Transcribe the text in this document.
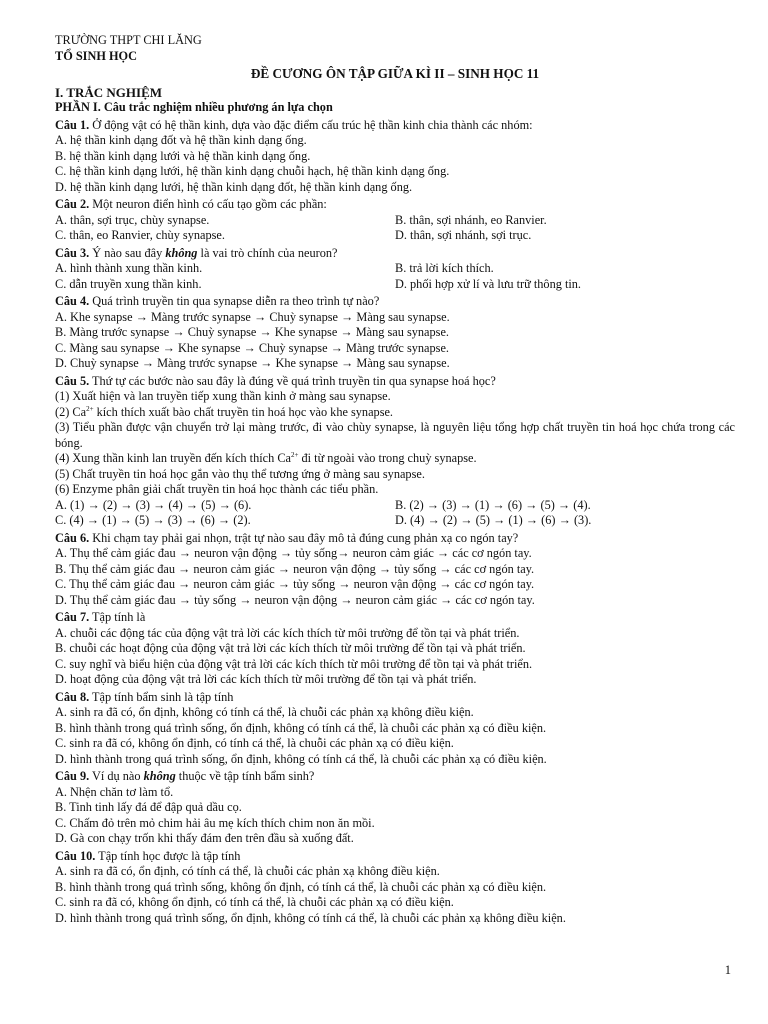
TRƯỜNG THPT CHI LĂNG
TỔ SINH HỌC
ĐỀ CƯƠNG ÔN TẬP GIỮA KÌ II – SINH HỌC 11
I. TRẮC NGHIỆM
PHẦN I. Câu trắc nghiệm nhiều phương án lựa chọn
Câu 1. Ở động vật có hệ thần kinh, dựa vào đặc điểm cấu trúc hệ thần kinh chia thành các nhóm:
A. hệ thần kinh dạng đốt và hệ thần kinh dạng ống.
B. hệ thần kinh dạng lưới và hệ thần kinh dạng ống.
C. hệ thần kinh dạng lưới, hệ thần kinh dạng chuỗi hạch, hệ thần kinh dạng ống.
D. hệ thần kinh dạng lưới, hệ thần kinh dạng đốt, hệ thần kinh dạng ống.
Câu 2. Một neuron điển hình có cấu tạo gồm các phần:
A. thân, sợi trục, chùy synapse.	B. thân, sợi nhánh, eo Ranvier.
C. thân, eo Ranvier, chùy synapse.	D. thân, sợi nhánh, sợi trục.
Câu 3. Ý nào sau đây không là vai trò chính của neuron?
A. hình thành xung thần kinh.	B. trả lời kích thích.
C. dẫn truyền xung thần kinh.	D. phối hợp xử lí và lưu trữ thông tin.
Câu 4. Quá trình truyền tin qua synapse diễn ra theo trình tự nào?
A. Khe synapse → Màng trước synapse → Chuỳ synapse → Màng sau synapse.
B. Màng trước synapse → Chuỳ synapse → Khe synapse → Màng sau synapse.
C. Màng sau synapse → Khe synapse → Chuỳ synapse → Màng trước synapse.
D. Chuỳ synapse → Màng trước synapse → Khe synapse → Màng sau synapse.
Câu 5. Thứ tự các bước nào sau đây là đúng về quá trình truyền tin qua synapse hoá học?
(1) Xuất hiện và lan truyền tiếp xung thần kinh ở màng sau synapse.
(2) $Ca^{2+}$ kích thích xuất bào chất truyền tin hoá học vào khe synapse.
(3) Tiểu phần được vận chuyển trở lại màng trước, đi vào chùy synapse, là nguyên liệu tổng hợp chất truyền tin hoá học chứa trong các bóng.
(4) Xung thần kinh lan truyền đến kích thích $Ca^{2+}$ đi từ ngoài vào trong chuỳ synapse.
(5) Chất truyền tin hoá học gắn vào thụ thể tương ứng ở màng sau synapse.
(6) Enzyme phân giải chất truyền tin hoá học thành các tiểu phần.
A. (1) → (2) → (3) → (4) → (5) → (6).	B. (2) → (3) → (1) → (6) → (5) → (4).
C. (4) → (1) → (5) → (3) → (6) → (2).	D. (4) → (2) → (5) → (1) → (6) → (3).
Câu 6. Khi chạm tay phải gai nhọn, trật tự nào sau đây mô tả đúng cung phản xạ co ngón tay?
A. Thụ thể cảm giác đau → neuron vận động → tủy sống→ neuron cảm giác → các cơ ngón tay.
B. Thụ thể cảm giác đau → neuron cảm giác → neuron vận động → tủy sống → các cơ ngón tay.
C. Thụ thể cảm giác đau → neuron cảm giác → tủy sống → neuron vận động → các cơ ngón tay.
D. Thụ thể cảm giác đau → tủy sống → neuron vận động → neuron cảm giác → các cơ ngón tay.
Câu 7. Tập tính là
A. chuỗi các động tác của động vật trả lời các kích thích từ môi trường để tồn tại và phát triển.
B. chuỗi các hoạt động của động vật trả lời các kích thích từ môi trường để tồn tại và phát triển.
C. suy nghĩ và biểu hiện của động vật trả lời các kích thích từ môi trường để tồn tại và phát triển.
D. hoạt động của động vật trả lời các kích thích từ môi trường để tồn tại và phát triển.
Câu 8. Tập tính bẩm sinh là tập tính
A. sinh ra đã có, ổn định, không có tính cá thể, là chuỗi các phản xạ không điều kiện.
B. hình thành trong quá trình sống, ổn định, không có tính cá thể, là chuỗi các phản xạ có điều kiện.
C. sinh ra đã có, không ổn định, có tính cá thể, là chuỗi các phản xạ có điều kiện.
D. hình thành trong quá trình sống, ổn định, không có tính cá thể, là chuỗi các phản xạ có điều kiện.
Câu 9. Ví dụ nào không thuộc về tập tính bẩm sinh?
A. Nhện chăn tơ làm tổ.
B. Tinh tinh lấy đá để đập quả dầu cọ.
C. Chấm đỏ trên mỏ chim hải âu mẹ kích thích chim non ăn mồi.
D. Gà con chạy trốn khi thấy đám đen trên đầu sà xuống đất.
Câu 10. Tập tính học được là tập tính
A. sinh ra đã có, ổn định, có tính cá thể, là chuỗi các phản xạ không điều kiện.
B. hình thành trong quá trình sống, không ổn định, có tính cá thể, là chuỗi các phản xạ có điều kiện.
C. sinh ra đã có, không ổn định, có tính cá thể, là chuỗi các phản xạ có điều kiện.
D. hình thành trong quá trình sống, ổn định, không có tính cá thể, là chuỗi các phản xạ không điều kiện.
1
